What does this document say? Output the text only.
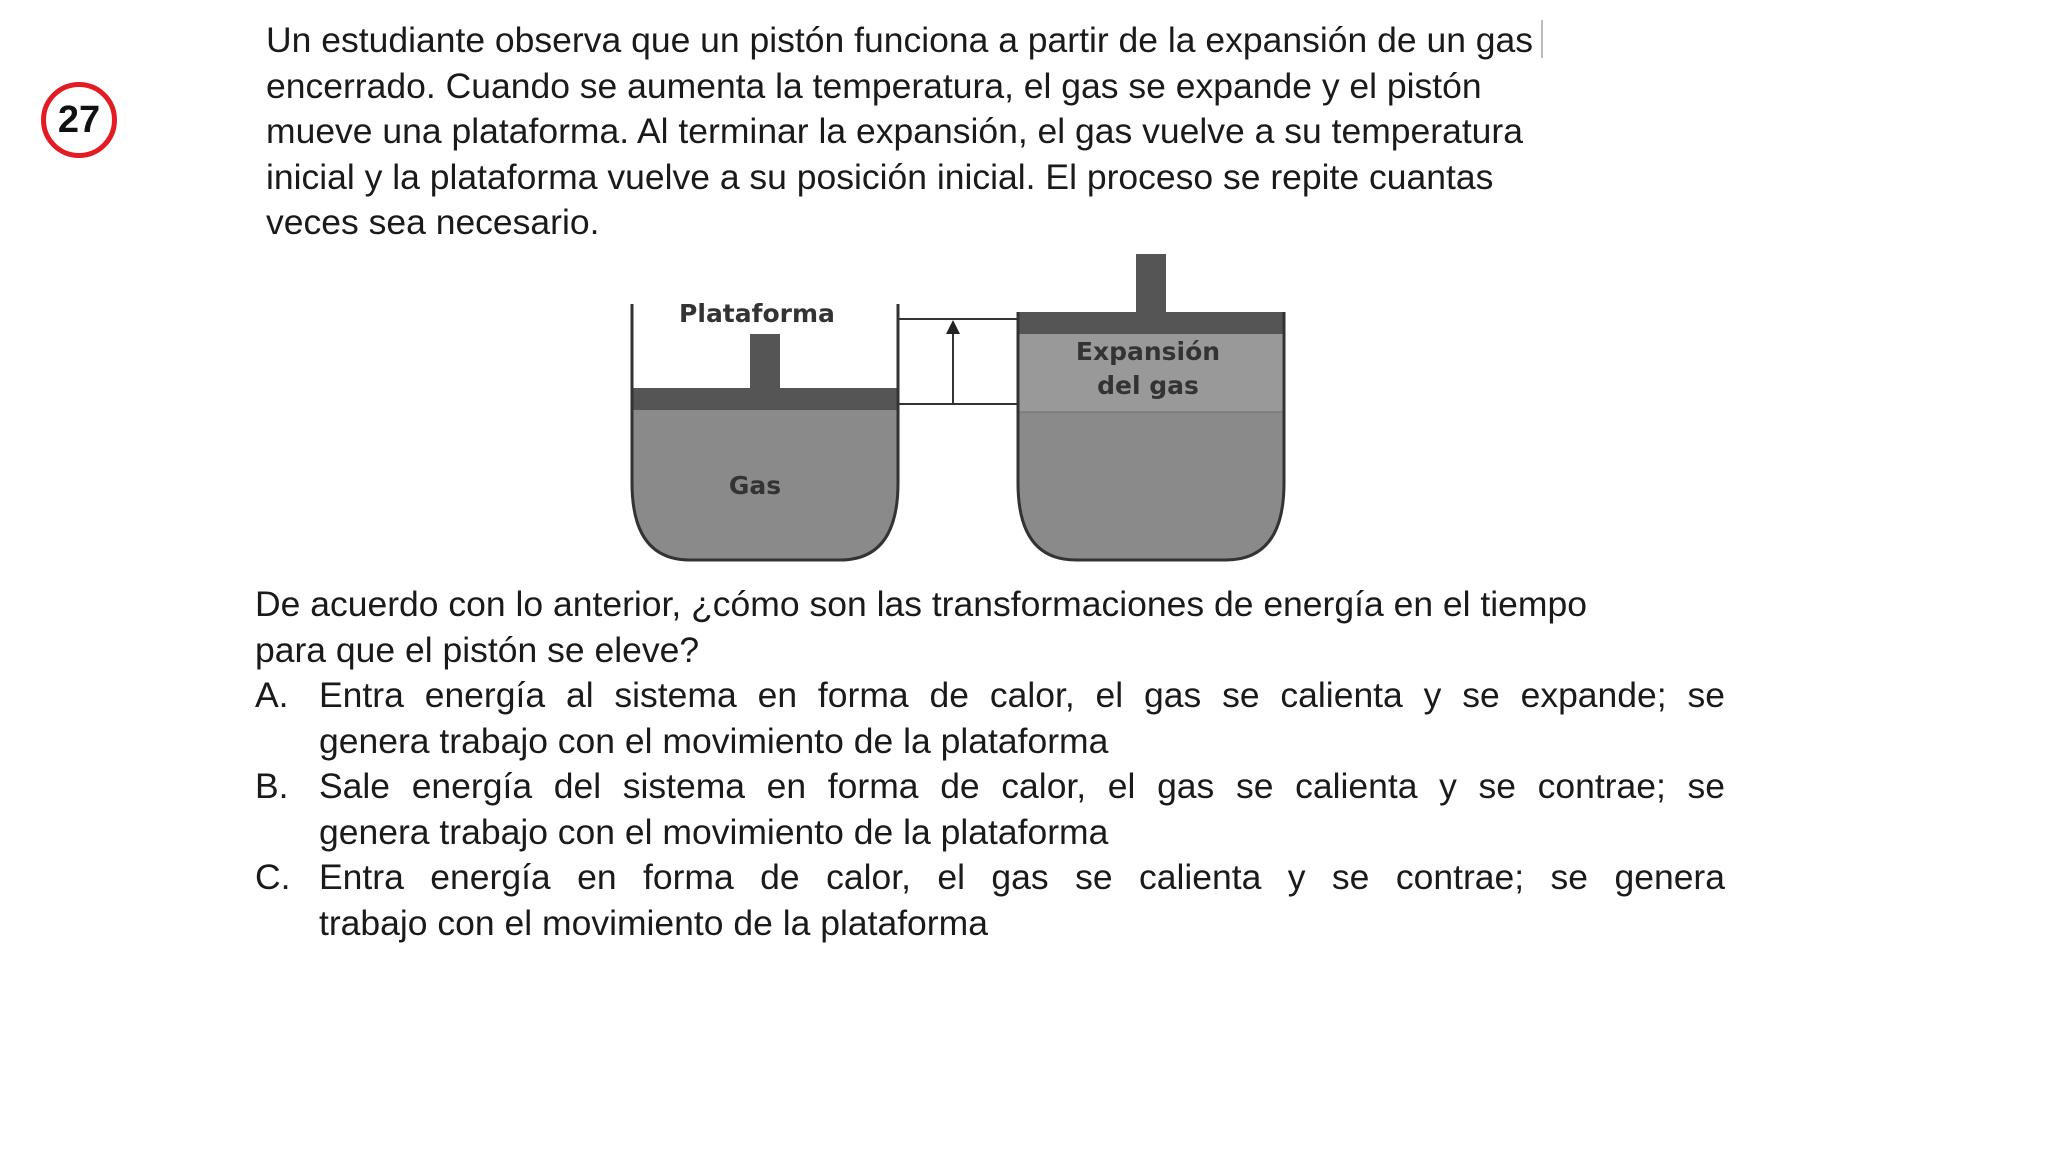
27
Un estudiante observa que un pistón funciona a partir de la expansión de un gas
encerrado. Cuando se aumenta la temperatura, el gas se expande y el pistón
mueve una plataforma. Al terminar la expansión, el gas vuelve a su temperatura
inicial y la plataforma vuelve a su posición inicial. El proceso se repite cuantas
veces sea necesario.
Plataforma
Gas
Expansión
del gas
De acuerdo con lo anterior, ¿cómo son las transformaciones de energía en el tiempo
para que el pistón se eleve?
A. Entra energía al sistema en forma de calor, el gas se calienta y se expande; se
genera trabajo con el movimiento de la plataforma
B. Sale energía del sistema en forma de calor, el gas se calienta y se contrae; se
genera trabajo con el movimiento de la plataforma
C. Entra energía en forma de calor, el gas se calienta y se contrae; se genera
trabajo con el movimiento de la plataforma
